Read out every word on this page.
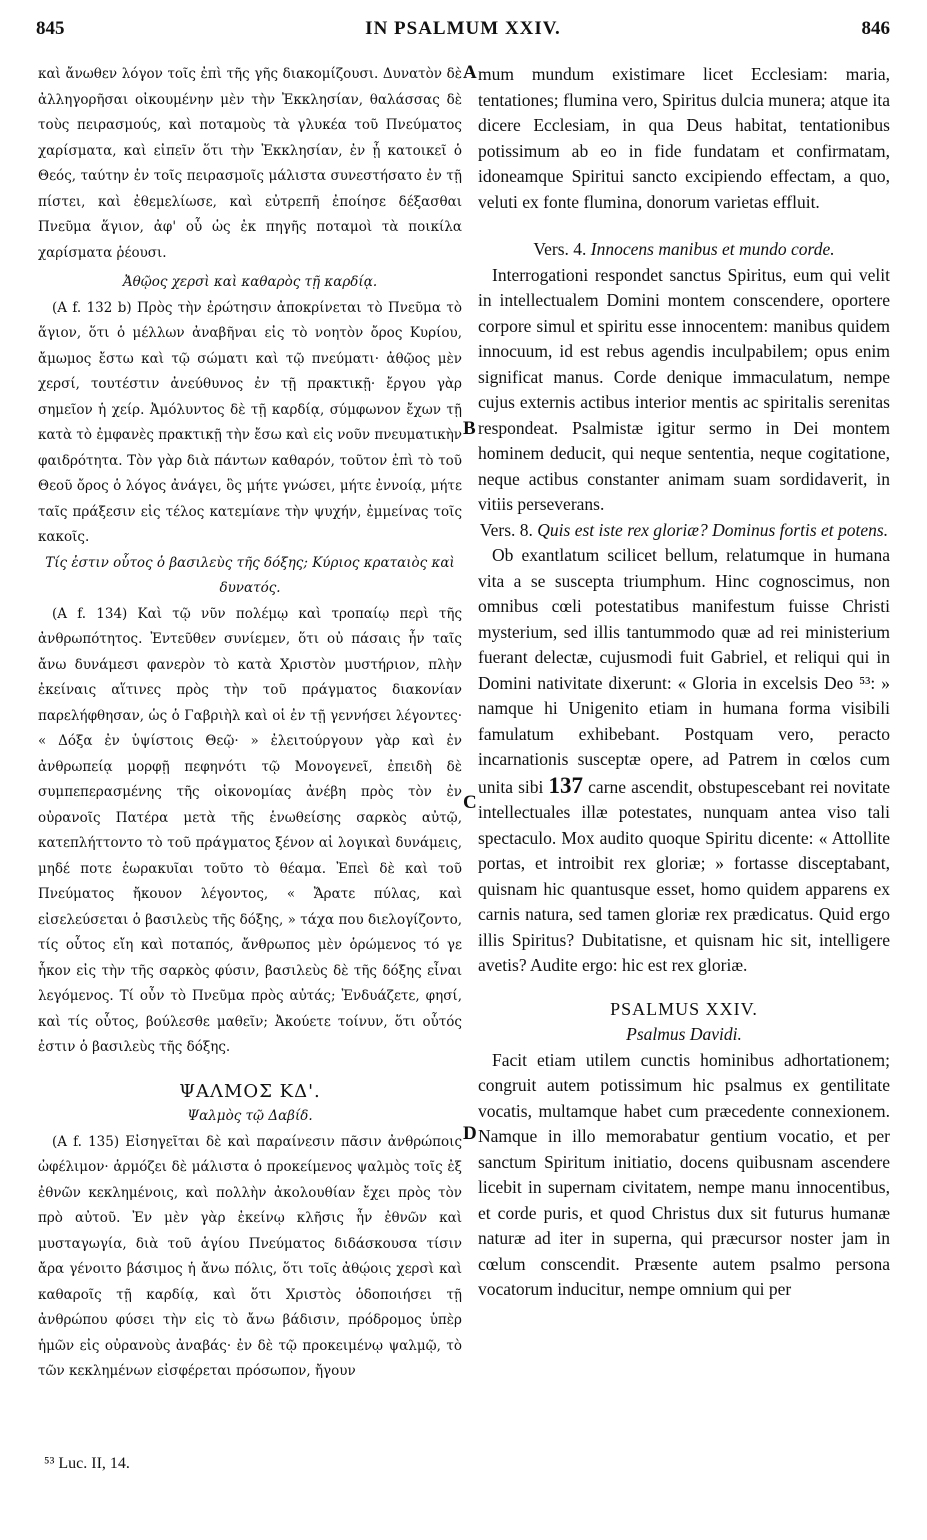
845	IN PSALMUM XXIV.	846

καὶ ἄνωθεν λόγον τοῖς ἐπὶ τῆς γῆς διακομίζουσι. Δυνατὸν δὲ ἀλληγορῆσαι οἰκουμένην μὲν τὴν Ἐκκλησίαν, θαλάσσας δὲ τοὺς πειρασμούς, καὶ ποταμοὺς τὰ γλυκέα τοῦ Πνεύματος χαρίσματα, καὶ εἰπεῖν ὅτι τὴν Ἐκκλησίαν, ἐν ᾗ κατοικεῖ ὁ Θεός, ταύτην ἐν τοῖς πειρασμοῖς μάλιστα συνεστήσατο ἐν τῇ πίστει, καὶ ἐθεμελίωσε, καὶ εὐτρεπῆ ἐποίησε δέξασθαι Πνεῦμα ἅγιον, ἀφ' οὗ ὡς ἐκ πηγῆς ποταμοὶ τὰ ποικίλα χαρίσματα ῥέουσι.

Ἀθῷος χερσὶ καὶ καθαρὸς τῇ καρδίᾳ.

(A f. 132 b) Πρὸς τὴν ἐρώτησιν ἀποκρίνεται τὸ Πνεῦμα τὸ ἅγιον, ὅτι ὁ μέλλων ἀναβῆναι εἰς τὸ νοητὸν ὄρος Κυρίου, ἄμωμος ἔστω καὶ τῷ σώματι καὶ τῷ πνεύματι· ἀθῷος μὲν χερσί, τουτέστιν ἀνεύθυνος ἐν τῇ πρακτικῇ· ἔργου γὰρ σημεῖον ἡ χείρ. Ἀμόλυντος δὲ τῇ καρδίᾳ, σύμφωνον ἔχων τῇ κατὰ τὸ ἐμφανὲς πρακτικῇ τὴν ἔσω καὶ εἰς νοῦν πνευματικὴν φαιδρότητα. Τὸν γὰρ διὰ πάντων καθαρόν, τοῦτον ἐπὶ τὸ τοῦ Θεοῦ ὄρος ὁ λόγος ἀνάγει, ὃς μήτε γνώσει, μήτε ἐννοίᾳ, μήτε ταῖς πράξεσιν εἰς τέλος κατεμίανε τὴν ψυχήν, ἐμμείνας τοῖς κακοῖς.

Τίς ἐστιν οὗτος ὁ βασιλεὺς τῆς δόξης; Κύριος κραταιὸς καὶ δυνατός.

(A f. 134) Καὶ τῷ νῦν πολέμῳ καὶ τροπαίῳ περὶ τῆς ἀνθρωπότητος. Ἐντεῦθεν συνίεμεν, ὅτι οὐ πάσαις ἦν ταῖς ἄνω δυνάμεσι φανερὸν τὸ κατὰ Χριστὸν μυστήριον, πλὴν ἐκείναις αἵτινες πρὸς τὴν τοῦ πράγματος διακονίαν παρελήφθησαν, ὡς ὁ Γαβριὴλ καὶ οἱ ἐν τῇ γεννήσει λέγοντες· « Δόξα ἐν ὑψίστοις Θεῷ· » ἐλειτούργουν γὰρ καὶ ἐν ἀνθρωπείᾳ μορφῇ πεφηνότι τῷ Μονογενεῖ, ἐπειδὴ δὲ συμπεπερασμένης τῆς οἰκονομίας ἀνέβη πρὸς τὸν ἐν οὐρανοῖς Πατέρα μετὰ τῆς ἑνωθείσης σαρκὸς αὐτῷ, κατεπλήττοντο τὸ τοῦ πράγματος ξένον αἱ λογικαὶ δυνάμεις, μηδέ ποτε ἑωρακυῖαι τοῦτο τὸ θέαμα. Ἐπεὶ δὲ καὶ τοῦ Πνεύματος ἤκουον λέγοντος, « Ἄρατε πύλας, καὶ εἰσελεύσεται ὁ βασιλεὺς τῆς δόξης, » τάχα που διελογίζοντο, τίς οὗτος εἴη καὶ ποταπός, ἄνθρωπος μὲν ὁρώμενος τό γε ἧκον εἰς τὴν τῆς σαρκὸς φύσιν, βασιλεὺς δὲ τῆς δόξης εἶναι λεγόμενος. Τί οὖν τὸ Πνεῦμα πρὸς αὐτάς; Ἐνδυάζετε, φησί, καὶ τίς οὗτος, βούλεσθε μαθεῖν; Ἀκούετε τοίνυν, ὅτι οὗτός ἐστιν ὁ βασιλεὺς τῆς δόξης.

ΨΑΛΜΟΣ ΚΔ'.

Ψαλμὸς τῷ Δαβίδ.

(A f. 135) Εἰσηγεῖται δὲ καὶ παραίνεσιν πᾶσιν ἀνθρώποις ὠφέλιμον· ἁρμόζει δὲ μάλιστα ὁ προκείμενος ψαλμὸς τοῖς ἐξ ἐθνῶν κεκλημένοις, καὶ πολλὴν ἀκολουθίαν ἔχει πρὸς τὸν πρὸ αὐτοῦ. Ἐν μὲν γὰρ ἐκείνῳ κλῆσις ἦν ἐθνῶν καὶ μυσταγωγία, διὰ τοῦ ἁγίου Πνεύματος διδάσκουσα τίσιν ἄρα γένοιτο βάσιμος ἡ ἄνω πόλις, ὅτι τοῖς ἀθῴοις χερσὶ καὶ καθαροῖς τῇ καρδίᾳ, καὶ ὅτι Χριστὸς ὁδοποιήσει τῇ ἀνθρώπου φύσει τὴν εἰς τὸ ἄνω βάδισιν, πρόδρομος ὑπὲρ ἡμῶν εἰς οὐρανοὺς ἀναβάς· ἐν δὲ τῷ προκειμένῳ ψαλμῷ, τὸ τῶν κεκλημένων εἰσφέρεται πρόσωπον, ἤγουν

mum mundum existimare licet Ecclesiam: maria, tentationes; flumina vero, Spiritus dulcia munera; atque ita dicere Ecclesiam, in qua Deus habitat, tentationibus potissimum ab eo in fide fundatam et confirmatam, idoneamque Spiritui sancto excipiendo effectam, a quo, veluti ex fonte flumina, donorum varietas effluit.

Vers. 4. Innocens manibus et mundo corde.

Interrogationi respondet sanctus Spiritus, eum qui velit in intellectualem Domini montem conscendere, oportere corpore simul et spiritu esse innocentem: manibus quidem innocuum, id est rebus agendis inculpabilem; opus enim significat manus. Corde denique immaculatum, nempe cujus externis actibus interior mentis ac spiritalis serenitas respondeat. Psalmistæ igitur sermo in Dei montem hominem deducit, qui neque sententia, neque cogitatione, neque actibus constanter animam suam sordidaverit, in vitiis perseverans.

Vers. 8. Quis est iste rex gloriæ? Dominus fortis et potens.

Ob exantlatum scilicet bellum, relatumque in humana vita a se suscepta triumphum. Hinc cognoscimus, non omnibus cœli potestatibus manifestum fuisse Christi mysterium, sed illis tantummodo quæ ad rei ministerium fuerant delectæ, cujusmodi fuit Gabriel, et reliqui qui in Domini nativitate dixerunt: « Gloria in excelsis Deo ⁵³: » namque hi Unigenito etiam in humana forma visibili famulatum exhibebant. Postquam vero, peracto incarnationis susceptæ opere, ad Patrem in cœlos cum unita sibi 137 carne ascendit, obstupescebant rei novitate intellectuales illæ potestates, nunquam antea viso tali spectaculo. Mox audito quoque Spiritu dicente: « Attollite portas, et introibit rex gloriæ; » fortasse disceptabant, quisnam hic quantusque esset, homo quidem apparens ex carnis natura, sed tamen gloriæ rex prædicatus. Quid ergo illis Spiritus? Dubitatisne, et quisnam hic sit, intelligere avetis? Audite ergo: hic est rex gloriæ.

PSALMUS XXIV.

Psalmus Davidi.

Facit etiam utilem cunctis hominibus adhortationem; congruit autem potissimum hic psalmus ex gentilitate vocatis, multamque habet cum præcedente connexionem. Namque in illo memorabatur gentium vocatio, et per sanctum Spiritum initiatio, docens quibusnam ascendere licebit in supernam civitatem, nempe manu innocentibus, et corde puris, et quod Christus dux sit futurus humanæ naturæ ad iter in superna, qui præcursor noster jam in cœlum conscendit. Præsente autem psalmo persona vocatorum inducitur, nempe omnium qui per

A
B
C
D
⁵³ Luc. II, 14.
